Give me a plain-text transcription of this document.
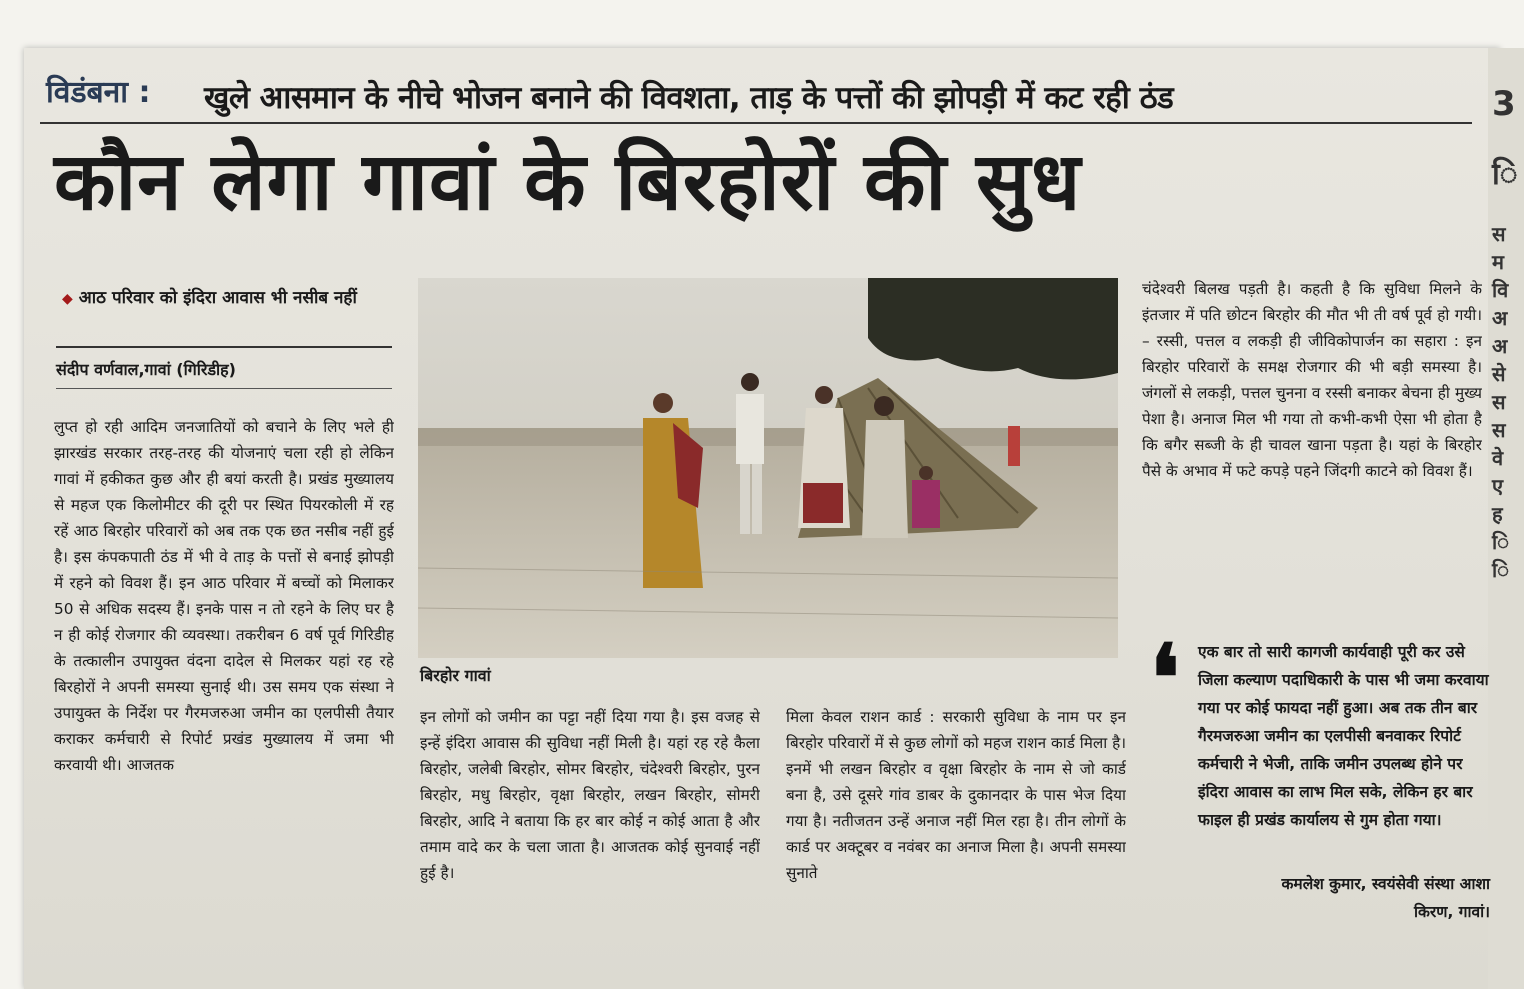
3
ि
स
म
वि
अ
अ
से
स
स
वे
ए
ह
ि
ि
विडंबना : खुले आसमान के नीचे भोजन बनाने की विवशता, ताड़ के पत्तों की झोपड़ी में कट रही ठंड
कौन लेगा गावां के बिरहोरों की सुध
◆ आठ परिवार को इंदिरा आवास भी नसीब नहीं
संदीप वर्णवाल,गावां (गिरिडीह)
लुप्त हो रही आदिम जनजातियों को बचाने के लिए भले ही झारखंड सरकार तरह-तरह की योजनाएं चला रही हो लेकिन गावां में हकीकत कुछ और ही बयां करती है। प्रखंड मुख्यालय से महज एक किलोमीटर की दूरी पर स्थित पियरकोली में रह रहें आठ बिरहोर परिवारों को अब तक एक छत नसीब नहीं हुई है। इस कंपकपाती ठंड में भी वे ताड़ के पत्तों से बनाई झोपड़ी में रहने को विवश हैं। इन आठ परिवार में बच्चों को मिलाकर 50 से अधिक सदस्य हैं। इनके पास न तो रहने के लिए घर है न ही कोई रोजगार की व्यवस्था। तकरीबन 6 वर्ष पूर्व गिरिडीह के तत्कालीन उपायुक्त वंदना दादेल से मिलकर यहां रह रहे बिरहोरों ने अपनी समस्या सुनाई थी। उस समय एक संस्था ने उपायुक्त के निर्देश पर गैरमजरुआ जमीन का एलपीसी तैयार कराकर कर्मचारी से रिपोर्ट प्रखंड मुख्यालय में जमा भी करवायी थी। आजतक
बिरहोर गावां
इन लोगों को जमीन का पट्टा नहीं दिया गया है। इस वजह से इन्हें इंदिरा आवास की सुविधा नहीं मिली है। यहां रह रहे कैला बिरहोर, जलेबी बिरहोर, सोमर बिरहोर, चंदेश्वरी बिरहोर, पुरन बिरहोर, मधु बिरहोर, वृक्षा बिरहोर, लखन बिरहोर, सोमरी बिरहोर, आदि ने बताया कि हर बार कोई न कोई आता है और तमाम वादे कर के चला जाता है। आजतक कोई सुनवाई नहीं हुई है।
मिला केवल राशन कार्ड : सरकारी सुविधा के नाम पर इन बिरहोर परिवारों में से कुछ लोगों को महज राशन कार्ड मिला है। इनमें भी लखन बिरहोर व वृक्षा बिरहोर के नाम से जो कार्ड बना है, उसे दूसरे गांव डाबर के दुकानदार के पास भेज दिया गया है। नतीजतन उन्हें अनाज नहीं मिल रहा है। तीन लोगों के कार्ड पर अक्टूबर व नवंबर का अनाज मिला है। अपनी समस्या सुनाते
चंदेश्वरी बिलख पड़ती है। कहती है कि सुविधा मिलने के इंतजार में पति छोटन बिरहोर की मौत भी ती वर्ष पूर्व हो गयी। – रस्सी, पत्तल व लकड़ी ही जीविकोपार्जन का सहारा : इन बिरहोर परिवारों के समक्ष रोजगार की भी बड़ी समस्या है। जंगलों से लकड़ी, पत्तल चुनना व रस्सी बनाकर बेचना ही मुख्य पेशा है। अनाज मिल भी गया तो कभी-कभी ऐसा भी होता है कि बगैर सब्जी के ही चावल खाना पड़ता है। यहां के बिरहोर पैसे के अभाव में फटे कपड़े पहने जिंदगी काटने को विवश हैं।
❛ एक बार तो सारी कागजी कार्यवाही पूरी कर उसे जिला कल्याण पदाधिकारी के पास भी जमा करवाया गया पर कोई फायदा नहीं हुआ। अब तक तीन बार गैरमजरुआ जमीन का एलपीसी बनवाकर रिपोर्ट कर्मचारी ने भेजी, ताकि जमीन उपलब्ध होने पर इंदिरा आवास का लाभ मिल सके, लेकिन हर बार फाइल ही प्रखंड कार्यालय से गुम होता गया।
कमलेश कुमार, स्वयंसेवी संस्था आशा किरण, गावां।
